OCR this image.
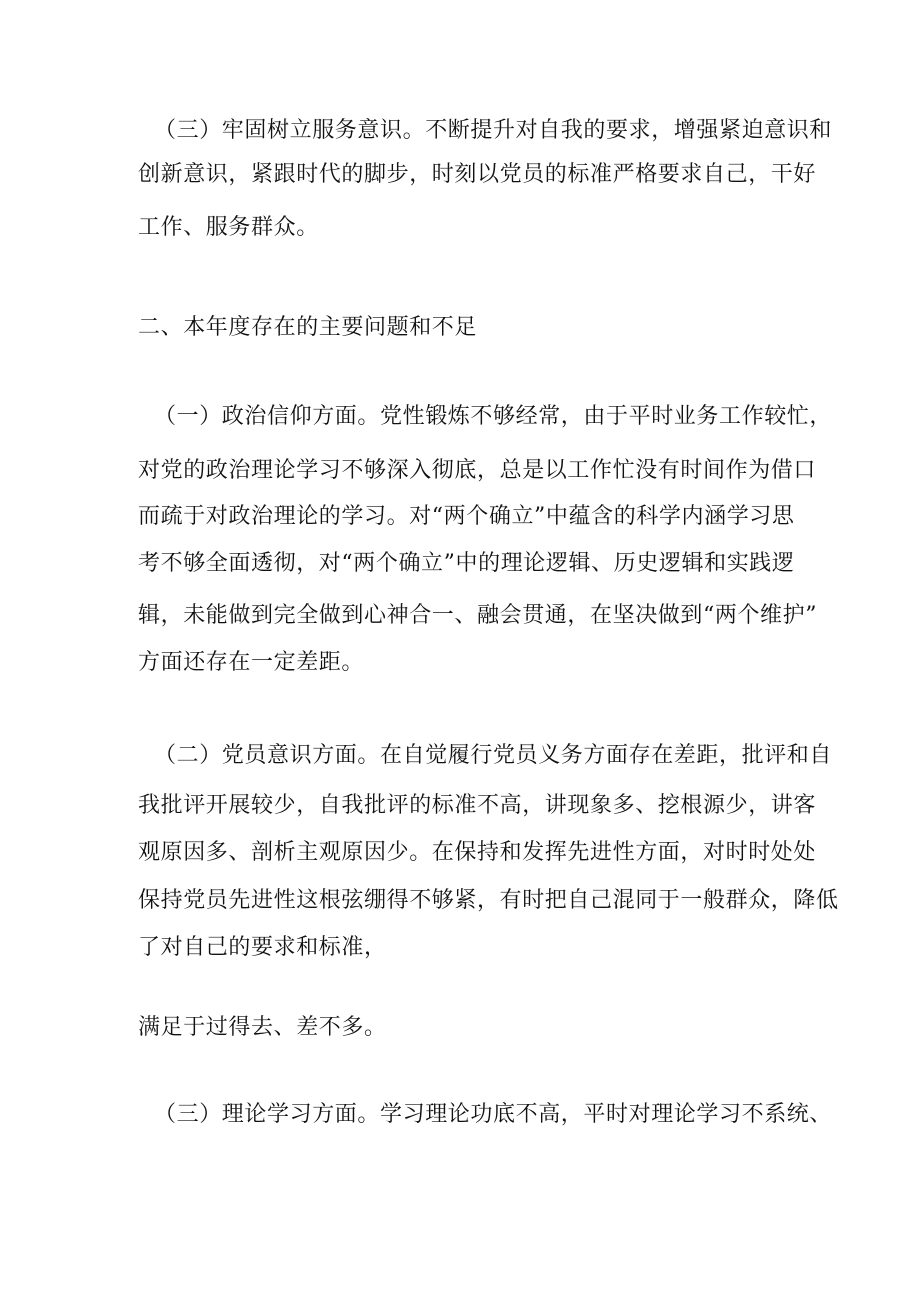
（三）牢固树立服务意识。不断提升对自我的要求，增强紧迫意识和
创新意识，紧跟时代的脚步，时刻以党员的标准严格要求自己，干好
工作、服务群众。
二、本年度存在的主要问题和不足
（一）政治信仰方面。党性锻炼不够经常，由于平时业务工作较忙，
对党的政治理论学习不够深入彻底，总是以工作忙没有时间作为借口
而疏于对政治理论的学习。对“两个确立”中蕴含的科学内涵学习思
考不够全面透彻，对“两个确立”中的理论逻辑、历史逻辑和实践逻
辑，未能做到完全做到心神合一、融会贯通，在坚决做到“两个维护”
方面还存在一定差距。
（二）党员意识方面。在自觉履行党员义务方面存在差距，批评和自
我批评开展较少，自我批评的标准不高，讲现象多、挖根源少，讲客
观原因多、剖析主观原因少。在保持和发挥先进性方面，对时时处处
保持党员先进性这根弦绷得不够紧，有时把自己混同于一般群众，降低
了对自己的要求和标准，
满足于过得去、差不多。
（三）理论学习方面。学习理论功底不高，平时对理论学习不系统、
